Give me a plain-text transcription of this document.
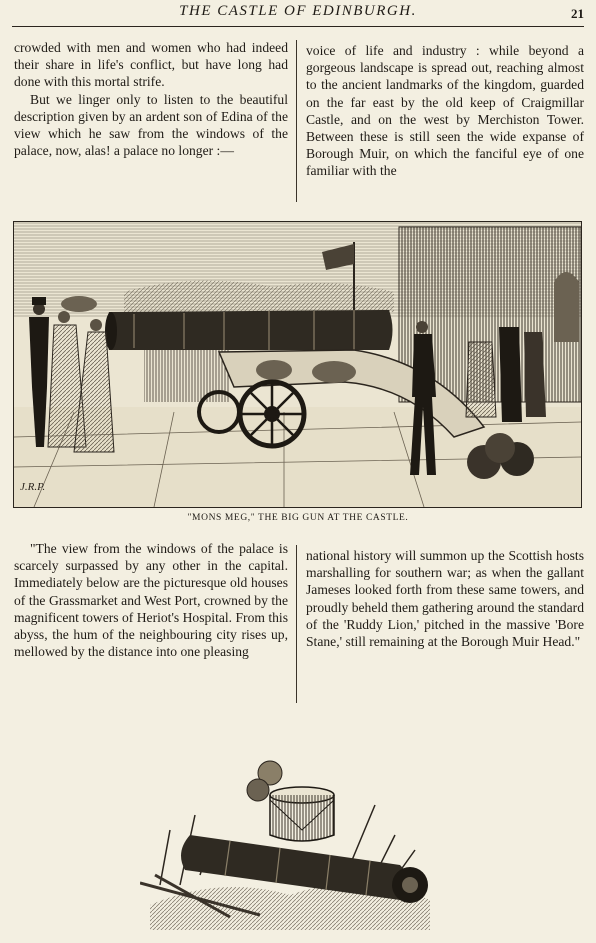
THE CASTLE OF EDINBURGH.	21

crowded with men and women who had indeed their share in life's conflict, but have long had done with this mortal strife.

But we linger only to listen to the beautiful description given by an ardent son of Edina of the view which he saw from the windows of the palace, now, alas! a palace no longer :—

voice of life and industry : while beyond a gorgeous landscape is spread out, reaching almost to the ancient landmarks of the kingdom, guarded on the far east by the old keep of Craigmillar Castle, and on the west by Merchiston Tower. Between these is still seen the wide expanse of Borough Muir, on which the fanciful eye of one familiar with the

J.R.P.
"MONS MEG," THE BIG GUN AT THE CASTLE.

"The view from the windows of the palace is scarcely surpassed by any other in the capital. Immediately below are the picturesque old houses of the Grassmarket and West Port, crowned by the magnificent towers of Heriot's Hospital. From this abyss, the hum of the neighbouring city rises up, mellowed by the distance into one pleasing

national history will summon up the Scottish hosts marshalling for southern war; as when the gallant Jameses looked forth from these same towers, and proudly beheld them gathering around the standard of the 'Ruddy Lion,' pitched in the massive 'Bore Stane,' still remaining at the Borough Muir Head."
